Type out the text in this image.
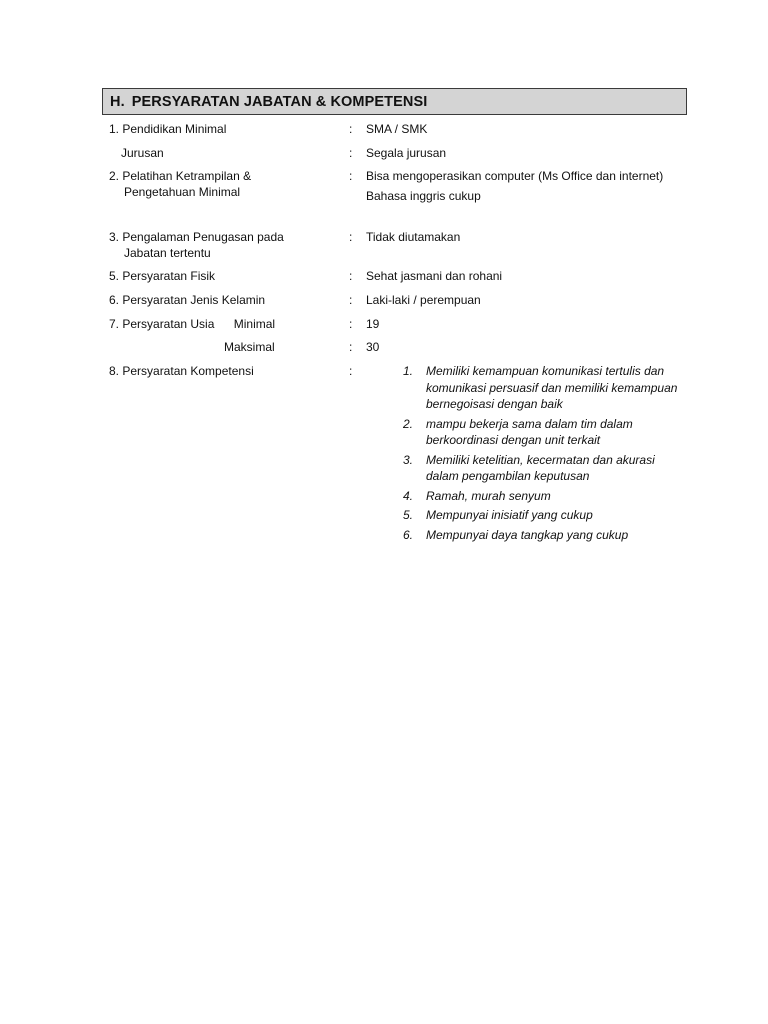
H. PERSYARATAN JABATAN & KOMPETENSI
1. Pendidikan Minimal	:	SMA / SMK
Jurusan	:	Segala jurusan
2. Pelatihan Ketrampilan &
Pengetahuan Minimal
:	Bisa mengoperasikan computer (Ms Office dan internet)

Bahasa inggris cukup

3. Pengalaman Penugasan pada
Jabatan tertentu
:	Tidak diutamakan
5. Persyaratan Fisik	:	Sehat jasmani dan rohani
6. Persyaratan Jenis Kelamin	:	Laki-laki / perempuan
7. Persyaratan Usia Minimal	:	19
Maksimal	:	30
8. Persyaratan Kompetensi	:	1.	Memiliki kemampuan komunikasi tertulis dan komunikasi persuasif dan memiliki kemampuan bernegoisasi dengan baik
2.	mampu bekerja sama dalam tim dalam berkoordinasi dengan unit terkait
3.	Memiliki ketelitian, kecermatan dan akurasi dalam pengambilan keputusan
4.	Ramah, murah senyum
5.	Mempunyai inisiatif yang cukup
6.	Mempunyai daya tangkap yang cukup
